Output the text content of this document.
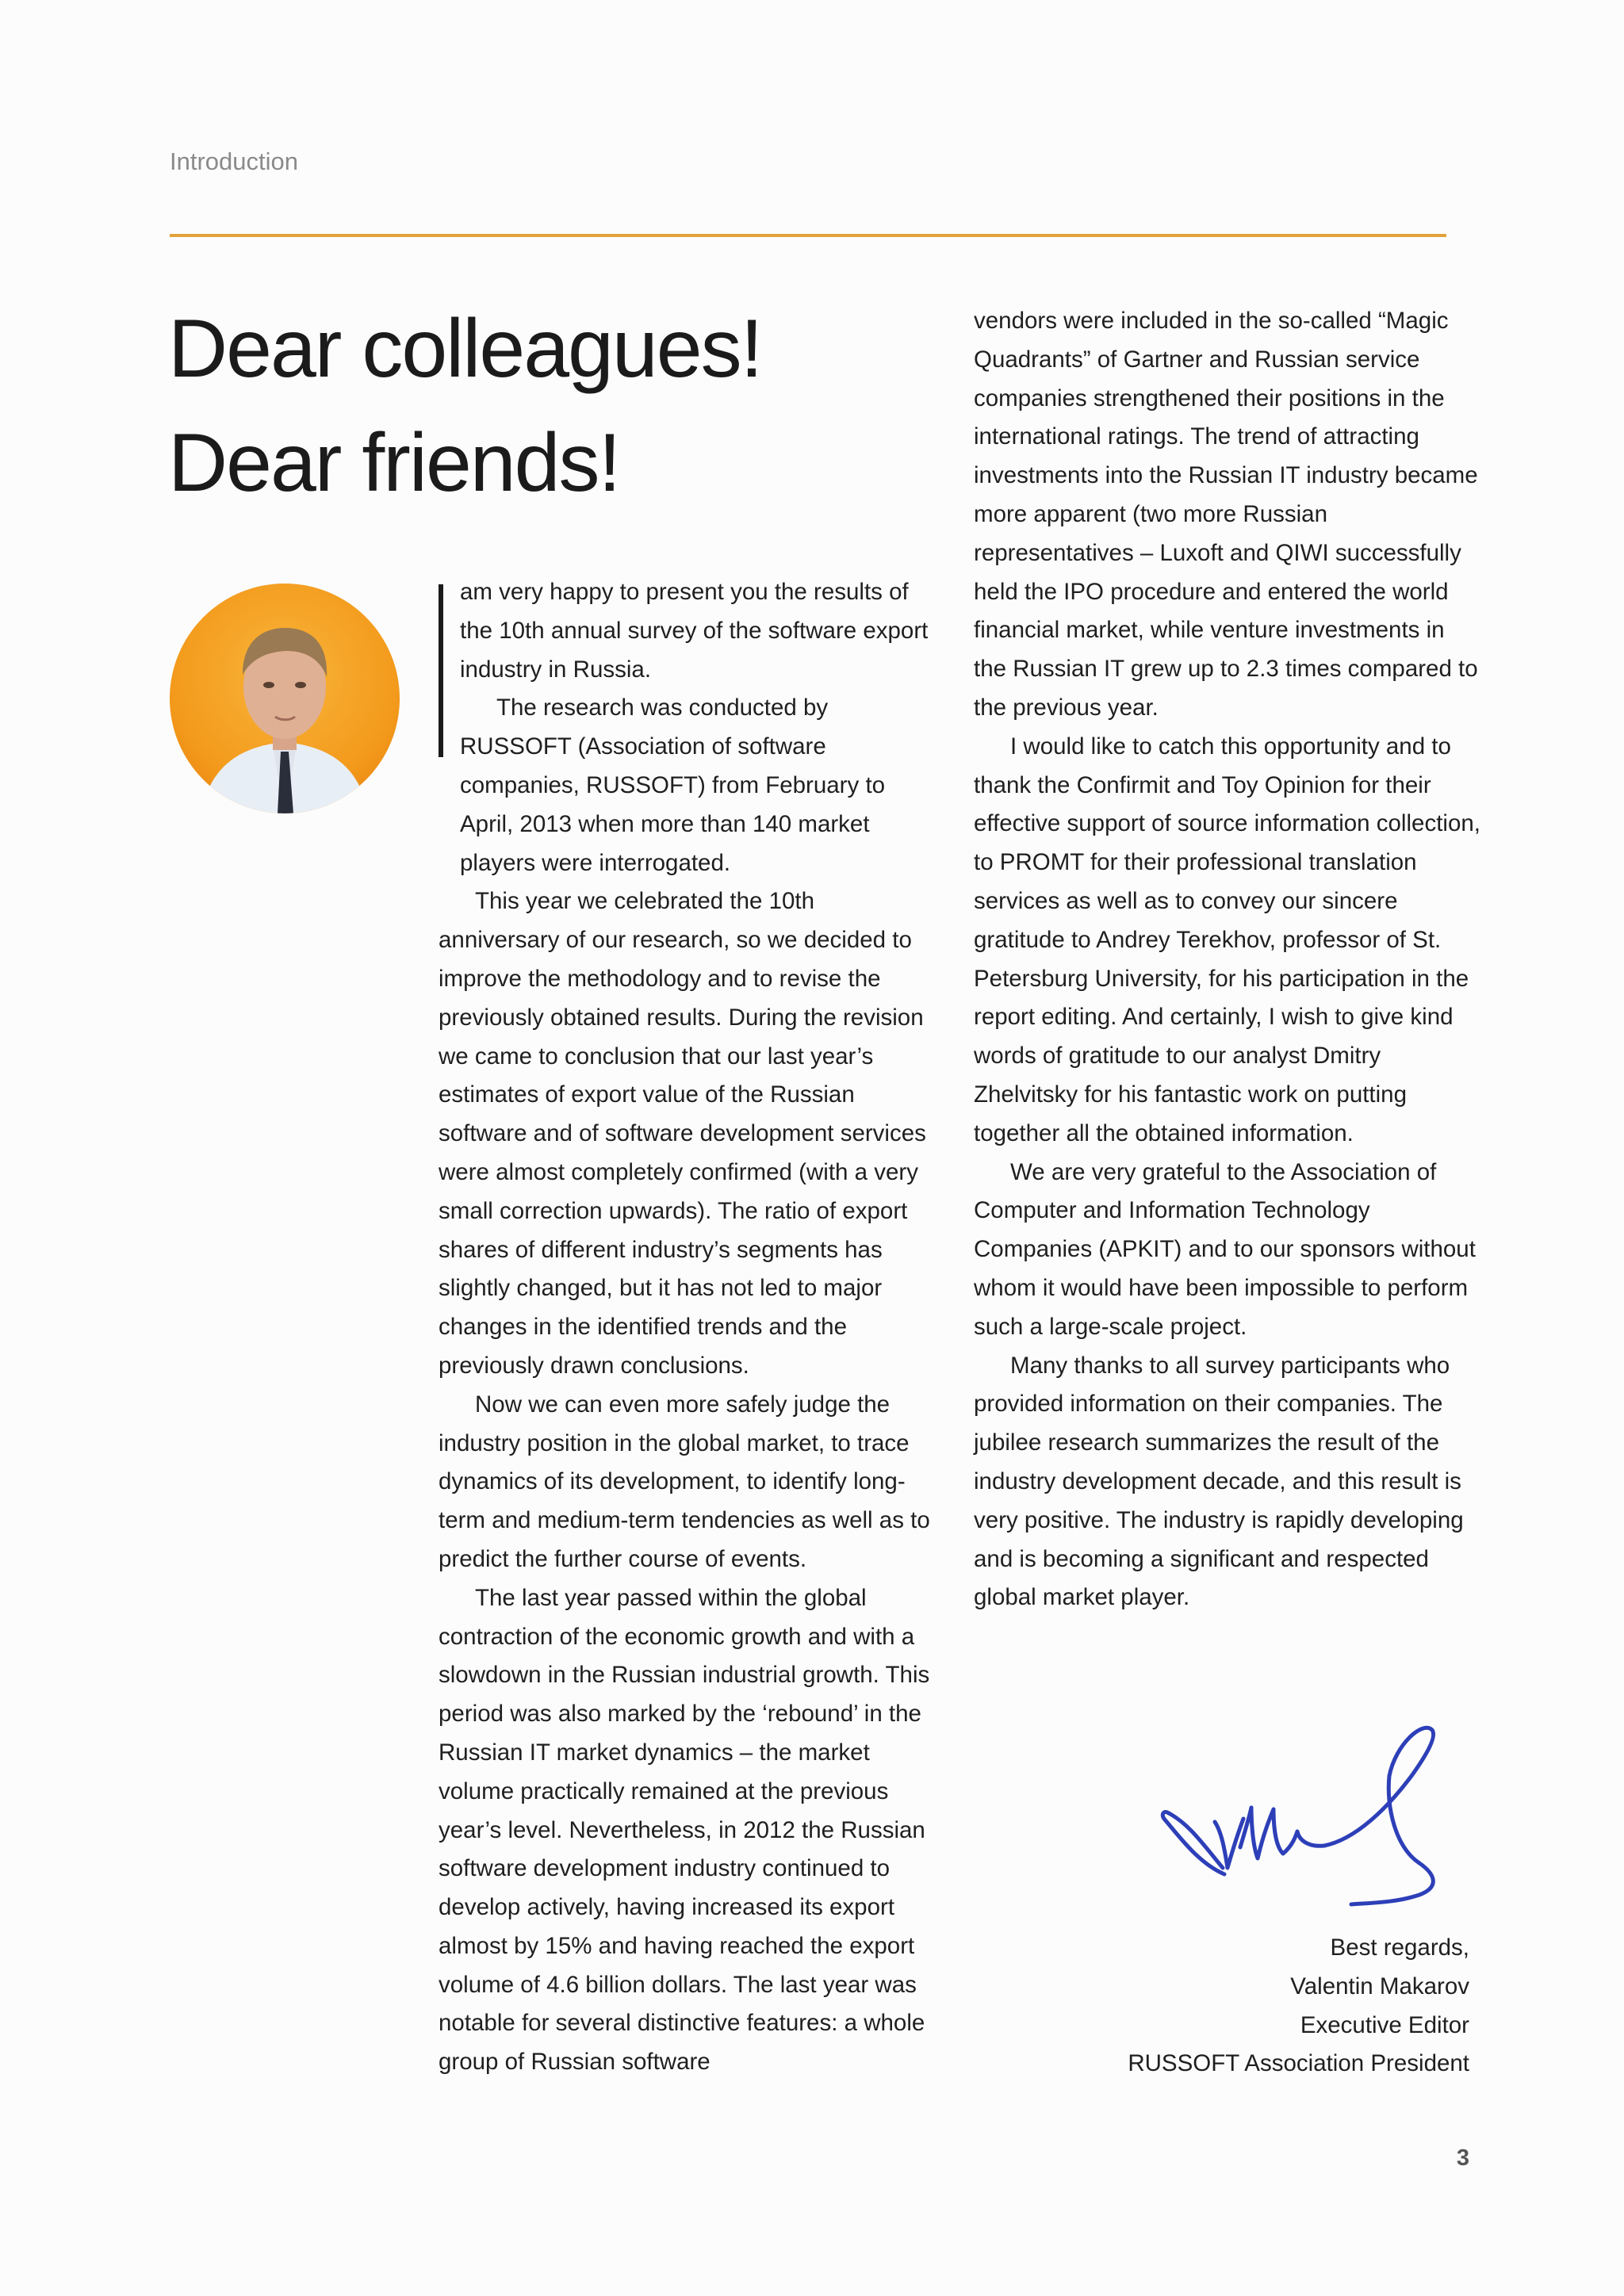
Introduction
Dear colleagues!
Dear friends!

am very happy to present you the results of the 10th annual survey of the software export industry in Russia.

The research was conducted by RUSSOFT (Association of software companies, RUSSOFT) from February to April, 2013 when more than 140 market players were interrogated.

This year we celebrated the 10th anniversary of our research, so we decided to improve the methodology and to revise the previously obtained results. During the revision we came to conclusion that our last year’s estimates of export value of the Russian software and of software development services were almost completely confirmed (with a very small correction upwards). The ratio of export shares of different industry’s segments has slightly changed, but it has not led to major changes in the identified trends and the previously drawn conclusions.

Now we can even more safely judge the industry position in the global market, to trace dynamics of its development, to identify long-term and medium-term tendencies as well as to predict the further course of events.

The last year passed within the global contraction of the economic growth and with a slowdown in the Russian industrial growth. This period was also marked by the ‘rebound’ in the Russian IT market dynamics – the market volume practically remained at the previous year’s level. Nevertheless, in 2012 the Russian software development industry continued to develop actively, having increased its export almost by 15% and having reached the export volume of 4.6 billion dollars. The last year was notable for several distinctive features: a whole group of Russian software

vendors were included in the so-called “Magic Quadrants” of Gartner and Russian service companies strengthened their positions in the international ratings. The trend of attracting investments into the Russian IT industry became more apparent (two more Russian representatives – Luxoft and QIWI successfully held the IPO procedure and entered the world financial market, while venture investments in the Russian IT grew up to 2.3 times compared to the previous year.

I would like to catch this opportunity and to thank the Confirmit and Toy Opinion for their effective support of source information collection, to PROMT for their professional translation services as well as to convey our sincere gratitude to Andrey Terekhov, professor of St. Petersburg University, for his participation in the report editing. And certainly, I wish to give kind words of gratitude to our analyst Dmitry Zhelvitsky for his fantastic work on putting together all the obtained information.

We are very grateful to the Association of Computer and Information Technology Companies (APKIT) and to our sponsors without whom it would have been impossible to perform such a large-scale project.

Many thanks to all survey participants who provided information on their companies. The jubilee research summarizes the result of the industry development decade, and this result is very positive. The industry is rapidly developing and is becoming a significant and respected global market player.

Best regards,
Valentin Makarov
Executive Editor
RUSSOFT Association President
3
